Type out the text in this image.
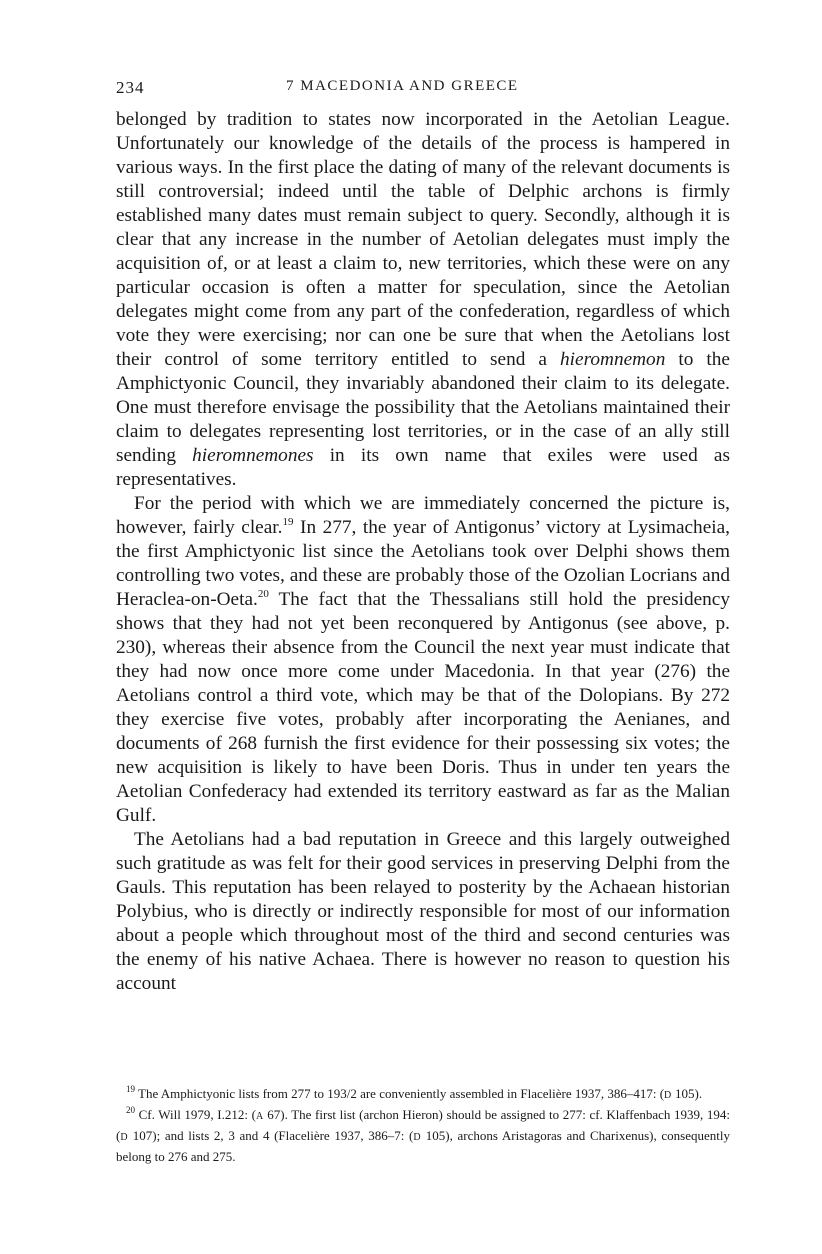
234	7 MACEDONIA AND GREECE

belonged by tradition to states now incorporated in the Aetolian League. Unfortunately our knowledge of the details of the process is hampered in various ways. In the first place the dating of many of the relevant documents is still controversial; indeed until the table of Delphic archons is firmly established many dates must remain subject to query. Secondly, although it is clear that any increase in the number of Aetolian delegates must imply the acquisition of, or at least a claim to, new territories, which these were on any particular occasion is often a matter for speculation, since the Aetolian delegates might come from any part of the confederation, regardless of which vote they were exercising; nor can one be sure that when the Aetolians lost their control of some territory entitled to send a hieromnemon to the Amphictyonic Council, they invariably abandoned their claim to its delegate. One must therefore envisage the possibility that the Aetolians maintained their claim to delegates representing lost territories, or in the case of an ally still sending hieromnemones in its own name that exiles were used as representatives.

For the period with which we are immediately concerned the picture is, however, fairly clear.$^{19}$ In 277, the year of Antigonus’ victory at Lysimacheia, the first Amphictyonic list since the Aetolians took over Delphi shows them controlling two votes, and these are probably those of the Ozolian Locrians and Heraclea-on-Oeta.$^{20}$ The fact that the Thessalians still hold the presidency shows that they had not yet been reconquered by Antigonus (see above, p. 230), whereas their absence from the Council the next year must indicate that they had now once more come under Macedonia. In that year (276) the Aetolians control a third vote, which may be that of the Dolopians. By 272 they exercise five votes, probably after incorporating the Aenianes, and documents of 268 furnish the first evidence for their possessing six votes; the new acquisition is likely to have been Doris. Thus in under ten years the Aetolian Confederacy had extended its territory eastward as far as the Malian Gulf.

The Aetolians had a bad reputation in Greece and this largely outweighed such gratitude as was felt for their good services in preserving Delphi from the Gauls. This reputation has been relayed to posterity by the Achaean historian Polybius, who is directly or indirectly responsible for most of our information about a people which throughout most of the third and second centuries was the enemy of his native Achaea. There is however no reason to question his account

$^{19}$ The Amphictyonic lists from 277 to 193/2 are conveniently assembled in Flacelière 1937, 386–417: (D 105).

$^{20}$ Cf. Will 1979, I.212: (A 67). The first list (archon Hieron) should be assigned to 277: cf. Klaffenbach 1939, 194: (D 107); and lists 2, 3 and 4 (Flacelière 1937, 386–7: (D 105), archons Aristagoras and Charixenus), consequently belong to 276 and 275.
